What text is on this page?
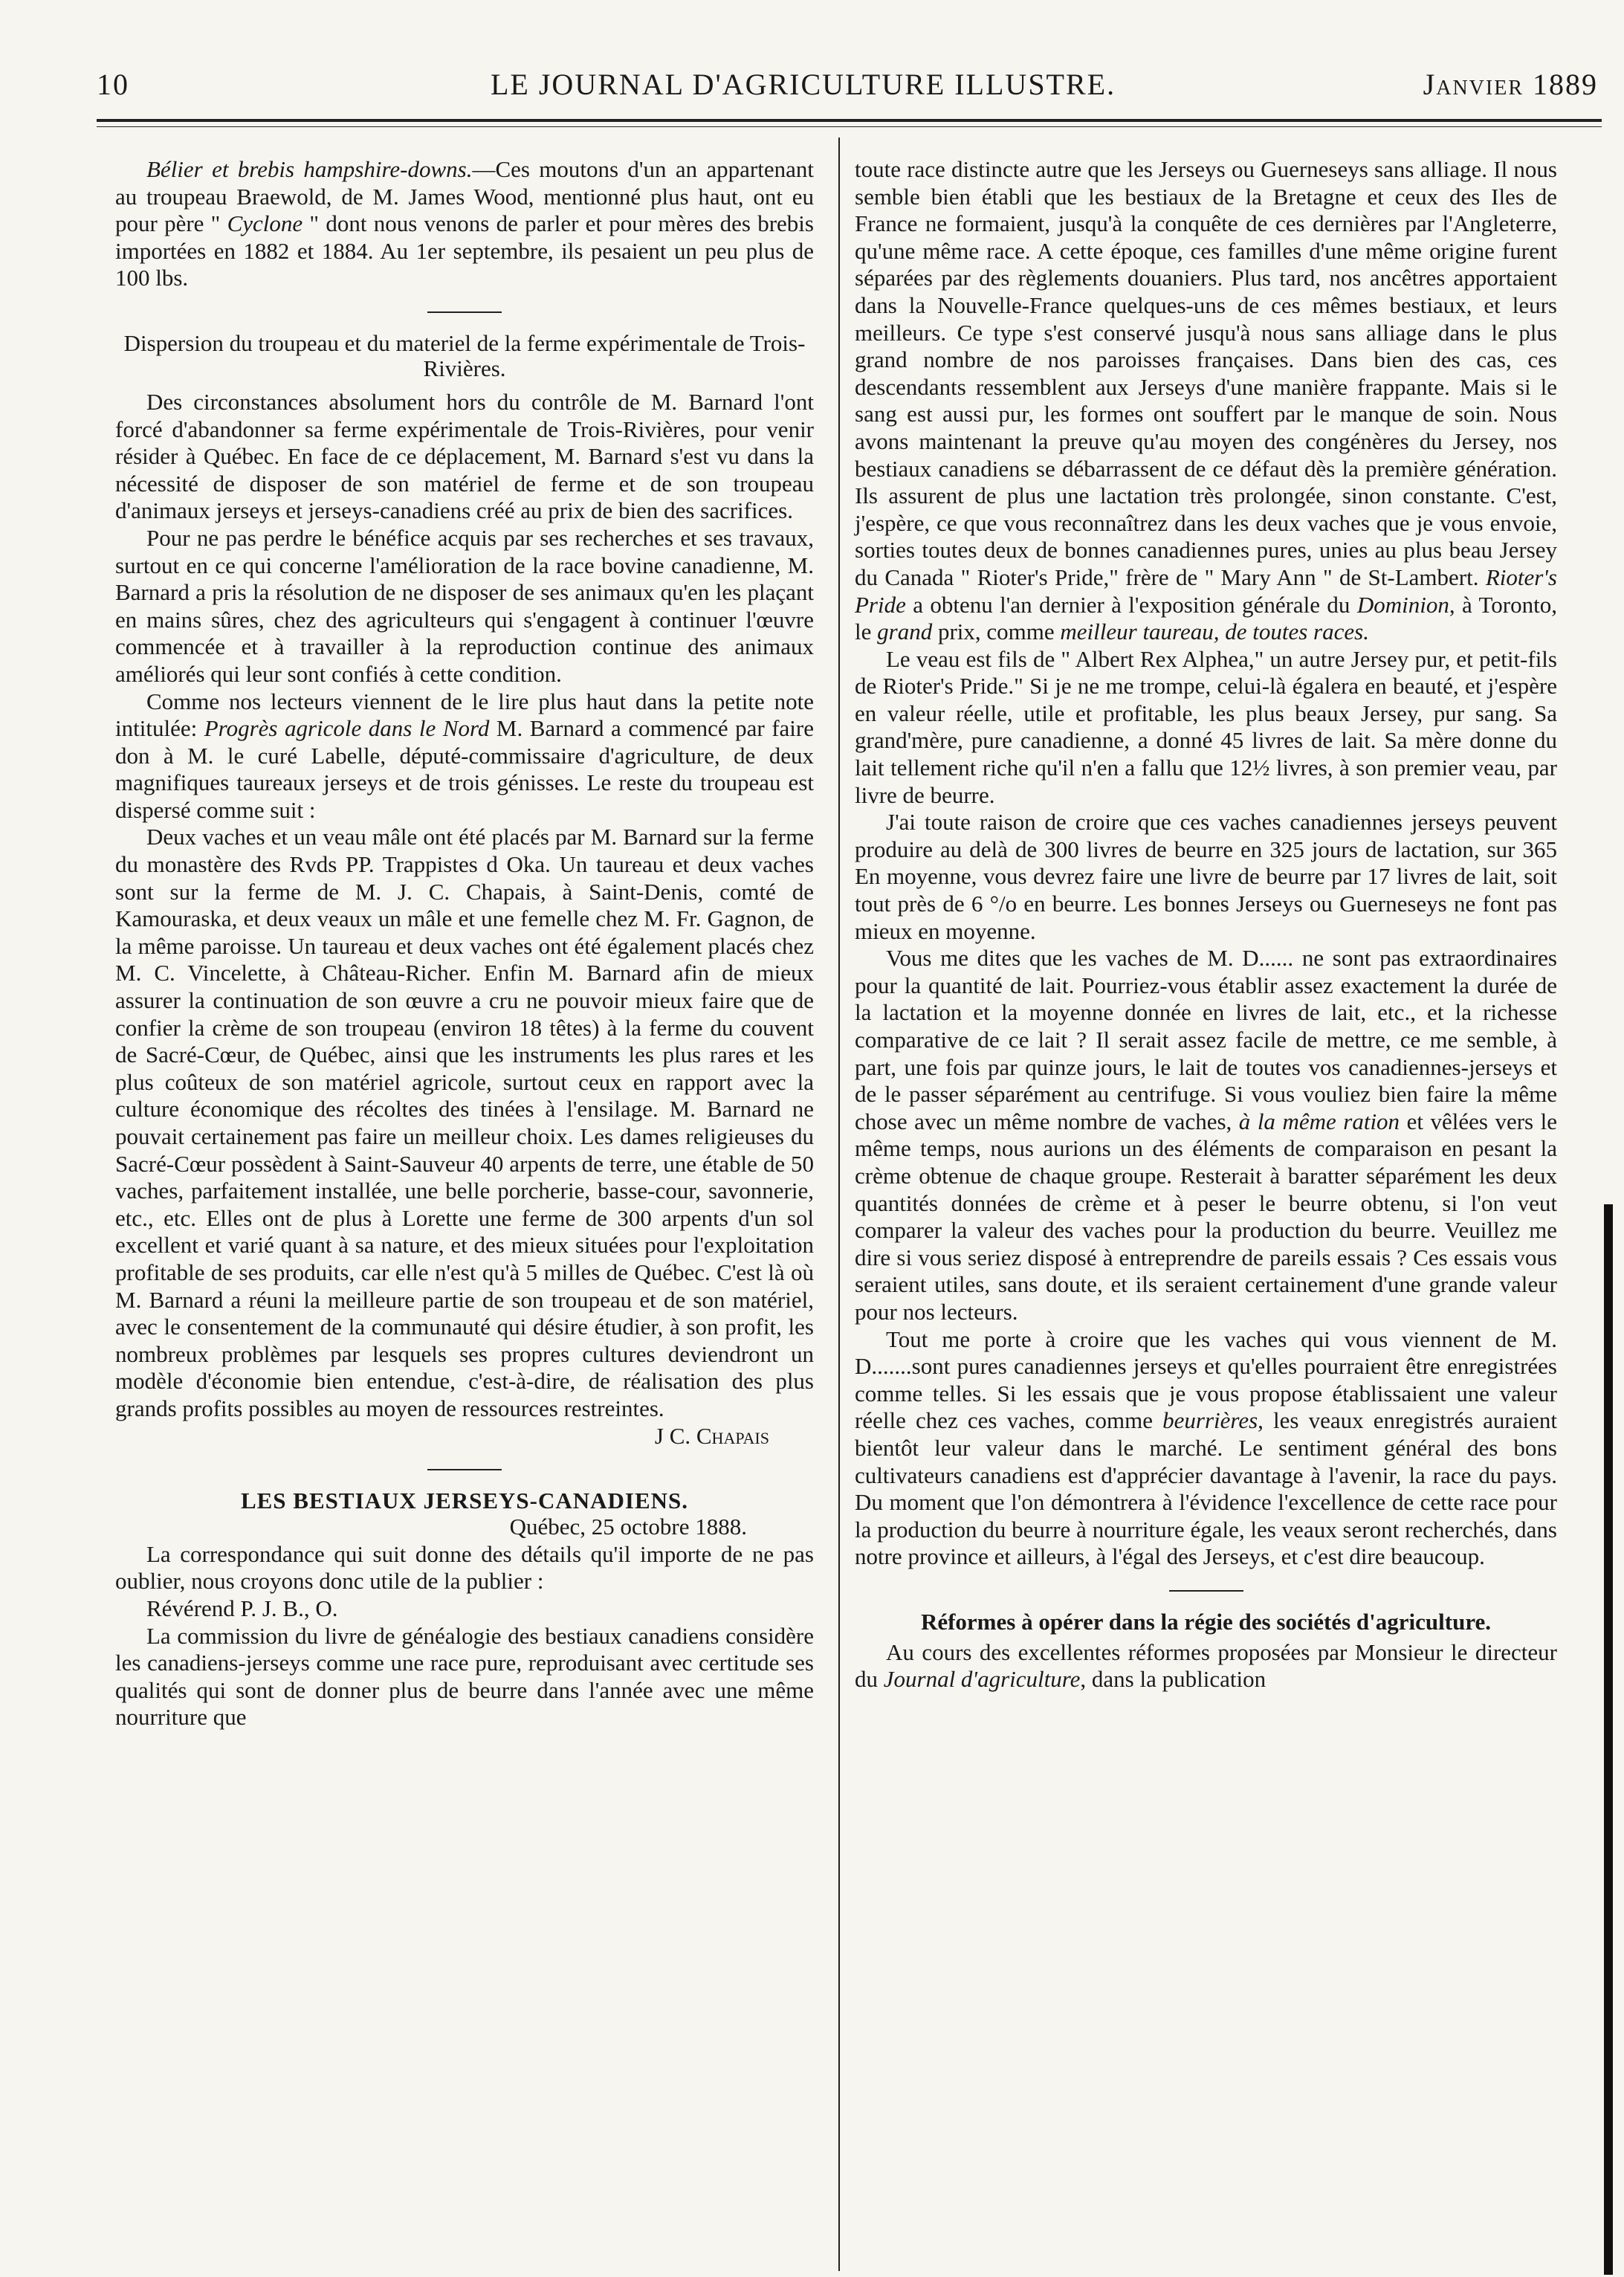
10	LE JOURNAL D'AGRICULTURE ILLUSTRE.	Janvier 1889

Bélier et brebis hampshire-downs.—Ces moutons d'un an appartenant au troupeau Braewold, de M. James Wood, mentionné plus haut, ont eu pour père " Cyclone " dont nous venons de parler et pour mères des brebis importées en 1882 et 1884. Au 1er septembre, ils pesaient un peu plus de 100 lbs.

Dispersion du troupeau et du materiel de la ferme expérimentale de Trois-Rivières.

Des circonstances absolument hors du contrôle de M. Barnard l'ont forcé d'abandonner sa ferme expérimentale de Trois-Rivières, pour venir résider à Québec. En face de ce déplacement, M. Barnard s'est vu dans la nécessité de disposer de son matériel de ferme et de son troupeau d'animaux jerseys et jerseys-canadiens créé au prix de bien des sacrifices.

Pour ne pas perdre le bénéfice acquis par ses recherches et ses travaux, surtout en ce qui concerne l'amélioration de la race bovine canadienne, M. Barnard a pris la résolution de ne disposer de ses animaux qu'en les plaçant en mains sûres, chez des agriculteurs qui s'engagent à continuer l'œuvre commencée et à travailler à la reproduction continue des animaux améliorés qui leur sont confiés à cette condition.

Comme nos lecteurs viennent de le lire plus haut dans la petite note intitulée: Progrès agricole dans le Nord M. Barnard a commencé par faire don à M. le curé Labelle, député-commissaire d'agriculture, de deux magnifiques taureaux jerseys et de trois génisses. Le reste du troupeau est dispersé comme suit :

Deux vaches et un veau mâle ont été placés par M. Barnard sur la ferme du monastère des Rvds PP. Trappistes d Oka. Un taureau et deux vaches sont sur la ferme de M. J. C. Chapais, à Saint-Denis, comté de Kamouraska, et deux veaux un mâle et une femelle chez M. Fr. Gagnon, de la même paroisse. Un taureau et deux vaches ont été également placés chez M. C. Vincelette, à Château-Richer. Enfin M. Barnard afin de mieux assurer la continuation de son œuvre a cru ne pouvoir mieux faire que de confier la crème de son troupeau (environ 18 têtes) à la ferme du couvent de Sacré-Cœur, de Québec, ainsi que les instruments les plus rares et les plus coûteux de son matériel agricole, surtout ceux en rapport avec la culture économique des récoltes des tinées à l'ensilage. M. Barnard ne pouvait certainement pas faire un meilleur choix. Les dames religieuses du Sacré-Cœur possèdent à Saint-Sauveur 40 arpents de terre, une étable de 50 vaches, parfaitement installée, une belle porcherie, basse-cour, savonnerie, etc., etc. Elles ont de plus à Lorette une ferme de 300 arpents d'un sol excellent et varié quant à sa nature, et des mieux situées pour l'exploitation profitable de ses produits, car elle n'est qu'à 5 milles de Québec. C'est là où M. Barnard a réuni la meilleure partie de son troupeau et de son matériel, avec le consentement de la communauté qui désire étudier, à son profit, les nombreux problèmes par lesquels ses propres cultures deviendront un modèle d'économie bien entendue, c'est-à-dire, de réalisation des plus grands profits possibles au moyen de ressources restreintes.

J C. Chapais

LES BESTIAUX JERSEYS-CANADIENS.

Québec, 25 octobre 1888.

La correspondance qui suit donne des détails qu'il importe de ne pas oublier, nous croyons donc utile de la publier :

Révérend P. J. B., O.

La commission du livre de généalogie des bestiaux canadiens considère les canadiens-jerseys comme une race pure, reproduisant avec certitude ses qualités qui sont de donner plus de beurre dans l'année avec une même nourriture que

toute race distincte autre que les Jerseys ou Guerneseys sans alliage. Il nous semble bien établi que les bestiaux de la Bretagne et ceux des Iles de France ne formaient, jusqu'à la conquête de ces dernières par l'Angleterre, qu'une même race. A cette époque, ces familles d'une même origine furent séparées par des règlements douaniers. Plus tard, nos ancêtres apportaient dans la Nouvelle-France quelques-uns de ces mêmes bestiaux, et leurs meilleurs. Ce type s'est conservé jusqu'à nous sans alliage dans le plus grand nombre de nos paroisses françaises. Dans bien des cas, ces descendants ressemblent aux Jerseys d'une manière frappante. Mais si le sang est aussi pur, les formes ont souffert par le manque de soin. Nous avons maintenant la preuve qu'au moyen des congénères du Jersey, nos bestiaux canadiens se débarrassent de ce défaut dès la première génération. Ils assurent de plus une lactation très prolongée, sinon constante. C'est, j'espère, ce que vous reconnaîtrez dans les deux vaches que je vous envoie, sorties toutes deux de bonnes canadiennes pures, unies au plus beau Jersey du Canada " Rioter's Pride," frère de " Mary Ann " de St-Lambert. Rioter's Pride a obtenu l'an dernier à l'exposition générale du Dominion, à Toronto, le grand prix, comme meilleur taureau, de toutes races.

Le veau est fils de " Albert Rex Alphea," un autre Jersey pur, et petit-fils de Rioter's Pride." Si je ne me trompe, celui-là égalera en beauté, et j'espère en valeur réelle, utile et profitable, les plus beaux Jersey, pur sang. Sa grand'mère, pure canadienne, a donné 45 livres de lait. Sa mère donne du lait tellement riche qu'il n'en a fallu que 12½ livres, à son premier veau, par livre de beurre.

J'ai toute raison de croire que ces vaches canadiennes jerseys peuvent produire au delà de 300 livres de beurre en 325 jours de lactation, sur 365 En moyenne, vous devrez faire une livre de beurre par 17 livres de lait, soit tout près de 6 °/o en beurre. Les bonnes Jerseys ou Guerneseys ne font pas mieux en moyenne.

Vous me dites que les vaches de M. D...... ne sont pas extraordinaires pour la quantité de lait. Pourriez-vous établir assez exactement la durée de la lactation et la moyenne donnée en livres de lait, etc., et la richesse comparative de ce lait ? Il serait assez facile de mettre, ce me semble, à part, une fois par quinze jours, le lait de toutes vos canadiennes-jerseys et de le passer séparément au centrifuge. Si vous vouliez bien faire la même chose avec un même nombre de vaches, à la même ration et vêlées vers le même temps, nous aurions un des éléments de comparaison en pesant la crème obtenue de chaque groupe. Resterait à baratter séparément les deux quantités données de crème et à peser le beurre obtenu, si l'on veut comparer la valeur des vaches pour la production du beurre. Veuillez me dire si vous seriez disposé à entreprendre de pareils essais ? Ces essais vous seraient utiles, sans doute, et ils seraient certainement d'une grande valeur pour nos lecteurs.

Tout me porte à croire que les vaches qui vous viennent de M. D.......sont pures canadiennes jerseys et qu'elles pourraient être enregistrées comme telles. Si les essais que je vous propose établissaient une valeur réelle chez ces vaches, comme beurrières, les veaux enregistrés auraient bientôt leur valeur dans le marché. Le sentiment général des bons cultivateurs canadiens est d'apprécier davantage à l'avenir, la race du pays. Du moment que l'on démontrera à l'évidence l'excellence de cette race pour la production du beurre à nourriture égale, les veaux seront recherchés, dans notre province et ailleurs, à l'égal des Jerseys, et c'est dire beaucoup.

Réformes à opérer dans la régie des sociétés d'agriculture.

Au cours des excellentes réformes proposées par Monsieur le directeur du Journal d'agriculture, dans la publication
